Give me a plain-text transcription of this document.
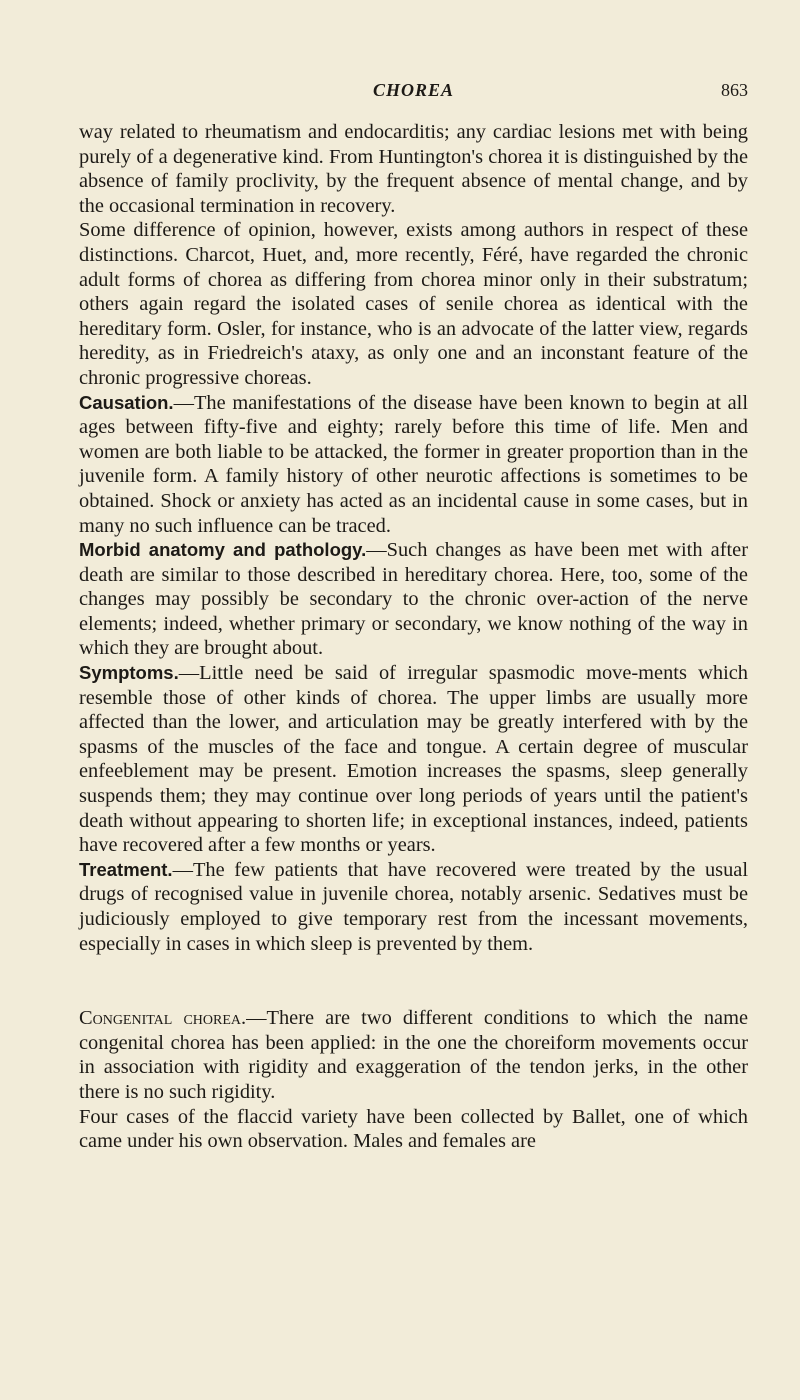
CHOREA	863

way related to rheumatism and endocarditis; any cardiac lesions met with being purely of a degenerative kind. From Huntington's chorea it is distinguished by the absence of family proclivity, by the frequent absence of mental change, and by the occasional termination in recovery.

Some difference of opinion, however, exists among authors in respect of these distinctions. Charcot, Huet, and, more recently, Féré, have regarded the chronic adult forms of chorea as differing from chorea minor only in their substratum; others again regard the isolated cases of senile chorea as identical with the hereditary form. Osler, for instance, who is an advocate of the latter view, regards heredity, as in Friedreich's ataxy, as only one and an inconstant feature of the chronic progressive choreas.

Causation.—The manifestations of the disease have been known to begin at all ages between fifty-five and eighty; rarely before this time of life. Men and women are both liable to be attacked, the former in greater proportion than in the juvenile form. A family history of other neurotic affections is sometimes to be obtained. Shock or anxiety has acted as an incidental cause in some cases, but in many no such influence can be traced.

Morbid anatomy and pathology.—Such changes as have been met with after death are similar to those described in hereditary chorea. Here, too, some of the changes may possibly be secondary to the chronic over-action of the nerve elements; indeed, whether primary or secondary, we know nothing of the way in which they are brought about.

Symptoms.—Little need be said of irregular spasmodic move-ments which resemble those of other kinds of chorea. The upper limbs are usually more affected than the lower, and articulation may be greatly interfered with by the spasms of the muscles of the face and tongue. A certain degree of muscular enfeeblement may be present. Emotion increases the spasms, sleep generally suspends them; they may continue over long periods of years until the patient's death without appearing to shorten life; in exceptional instances, indeed, patients have recovered after a few months or years.

Treatment.—The few patients that have recovered were treated by the usual drugs of recognised value in juvenile chorea, notably arsenic. Sedatives must be judiciously employed to give temporary rest from the incessant movements, especially in cases in which sleep is prevented by them.

Congenital chorea.—There are two different conditions to which the name congenital chorea has been applied: in the one the choreiform movements occur in association with rigidity and exaggeration of the tendon jerks, in the other there is no such rigidity.

Four cases of the flaccid variety have been collected by Ballet, one of which came under his own observation. Males and females are
